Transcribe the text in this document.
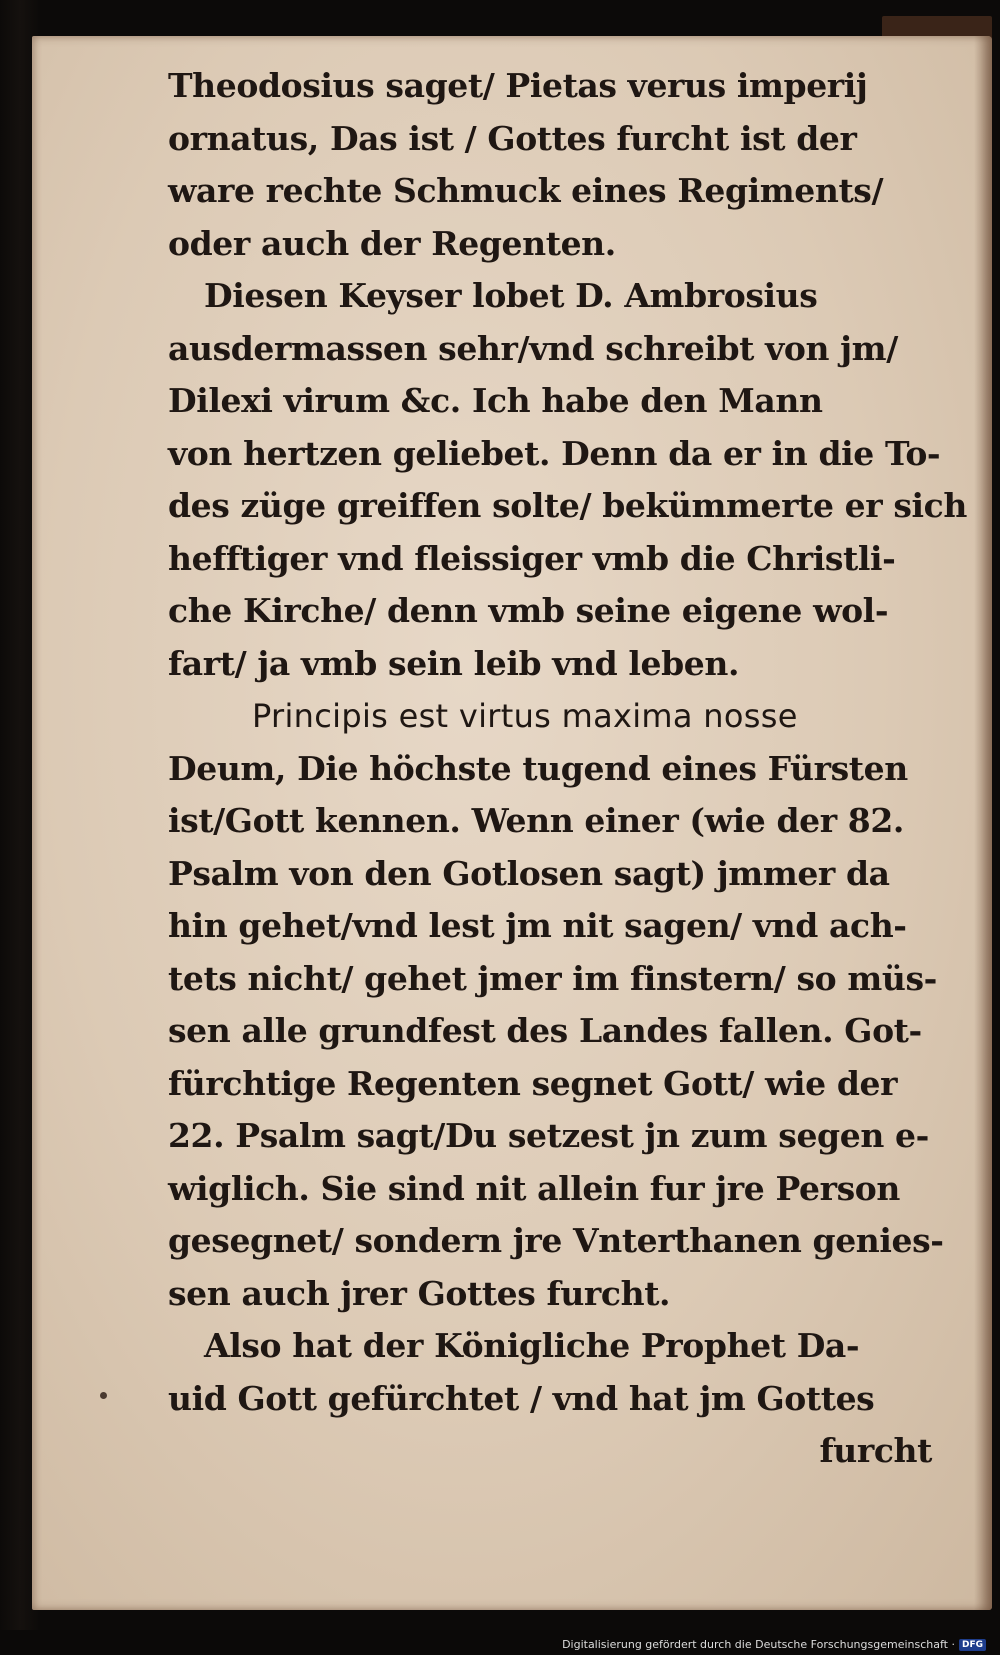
Theodosius saget/ Pietas verus imperij
ornatus, Das ist / Gottes furcht ist der
ware rechte Schmuck eines Regiments/
oder auch der Regenten.
Diesen Keyser lobet D. Ambrosius
ausdermassen sehr/vnd schreibt von jm/
Dilexi virum &c. Ich habe den Mann
von hertzen geliebet. Denn da er in die To-
des züge greiffen solte/ bekümmerte er sich
hefftiger vnd fleissiger vmb die Christli-
che Kirche/ denn vmb seine eigene wol-
fart/ ja vmb sein leib vnd leben.
Principis est virtus maxima nosse
Deum, Die höchste tugend eines Fürsten
ist/Gott kennen. Wenn einer (wie der 82.
Psalm von den Gotlosen sagt) jmmer da
hin gehet/vnd lest jm nit sagen/ vnd ach-
tets nicht/ gehet jmer im finstern/ so müs-
sen alle grundfest des Landes fallen. Got-
fürchtige Regenten segnet Gott/ wie der
22. Psalm sagt/Du setzest jn zum segen e-
wiglich. Sie sind nit allein fur jre Person
gesegnet/ sondern jre Vnterthanen genies-
sen auch jrer Gottes furcht.
Also hat der Königliche Prophet Da-
uid Gott gefürchtet / vnd hat jm Gottes
furcht
Digitalisierung gefördert durch die Deutsche Forschungsgemeinschaft · DFG
